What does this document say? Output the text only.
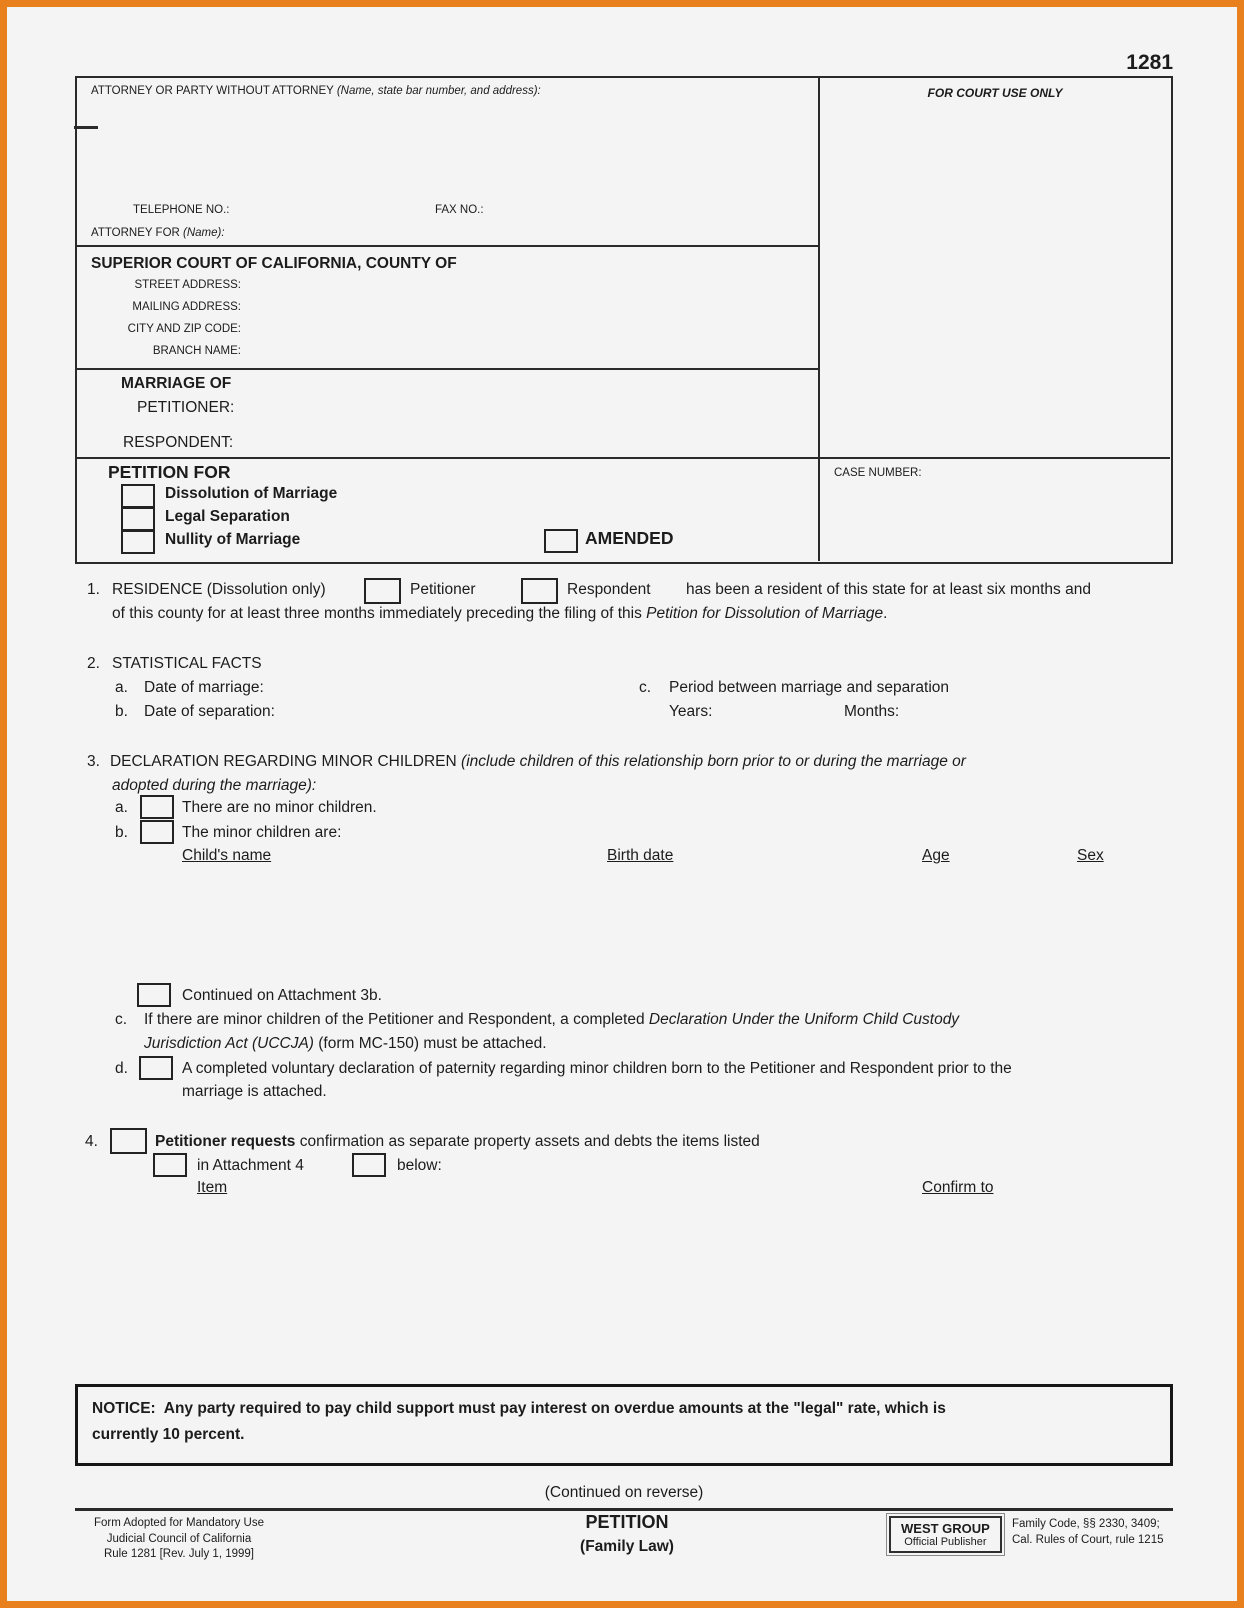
1281
ATTORNEY OR PARTY WITHOUT ATTORNEY (Name, state bar number, and address):
TELEPHONE NO.:	FAX NO.:
ATTORNEY FOR (Name):
FOR COURT USE ONLY
SUPERIOR COURT OF CALIFORNIA, COUNTY OF
STREET ADDRESS:
MAILING ADDRESS:
CITY AND ZIP CODE:
BRANCH NAME:
MARRIAGE OF
PETITIONER:
RESPONDENT:
PETITION FOR
Dissolution of Marriage
Legal Separation
Nullity of Marriage	AMENDED
CASE NUMBER:
1. RESIDENCE (Dissolution only)	Petitioner	Respondent has been a resident of this state for at least six months and
of this county for at least three months immediately preceding the filing of this Petition for Dissolution of Marriage.
2. STATISTICAL FACTS
a. Date of marriage:
b. Date of separation:
c. Period between marriage and separation
Years:	Months:
3. DECLARATION REGARDING MINOR CHILDREN (include children of this relationship born prior to or during the marriage or
adopted during the marriage):
a.	There are no minor children.
b.	The minor children are:
Child's name	Birth date	Age	Sex
Continued on Attachment 3b.
c. If there are minor children of the Petitioner and Respondent, a completed Declaration Under the Uniform Child Custody
Jurisdiction Act (UCCJA) (form MC-150) must be attached.
d.	A completed voluntary declaration of paternity regarding minor children born to the Petitioner and Respondent prior to the
marriage is attached.
4.	Petitioner requests confirmation as separate property assets and debts the items listed
in Attachment 4	below:
Item	Confirm to
NOTICE:  Any party required to pay child support must pay interest on overdue amounts at the "legal" rate, which is
currently 10 percent.
(Continued on reverse)
Form Adopted for Mandatory Use
Judicial Council of California
Rule 1281 [Rev. July 1, 1999]
PETITION
(Family Law)
WEST GROUP
Official Publisher
Family Code, §§ 2330, 3409;
Cal. Rules of Court, rule 1215
